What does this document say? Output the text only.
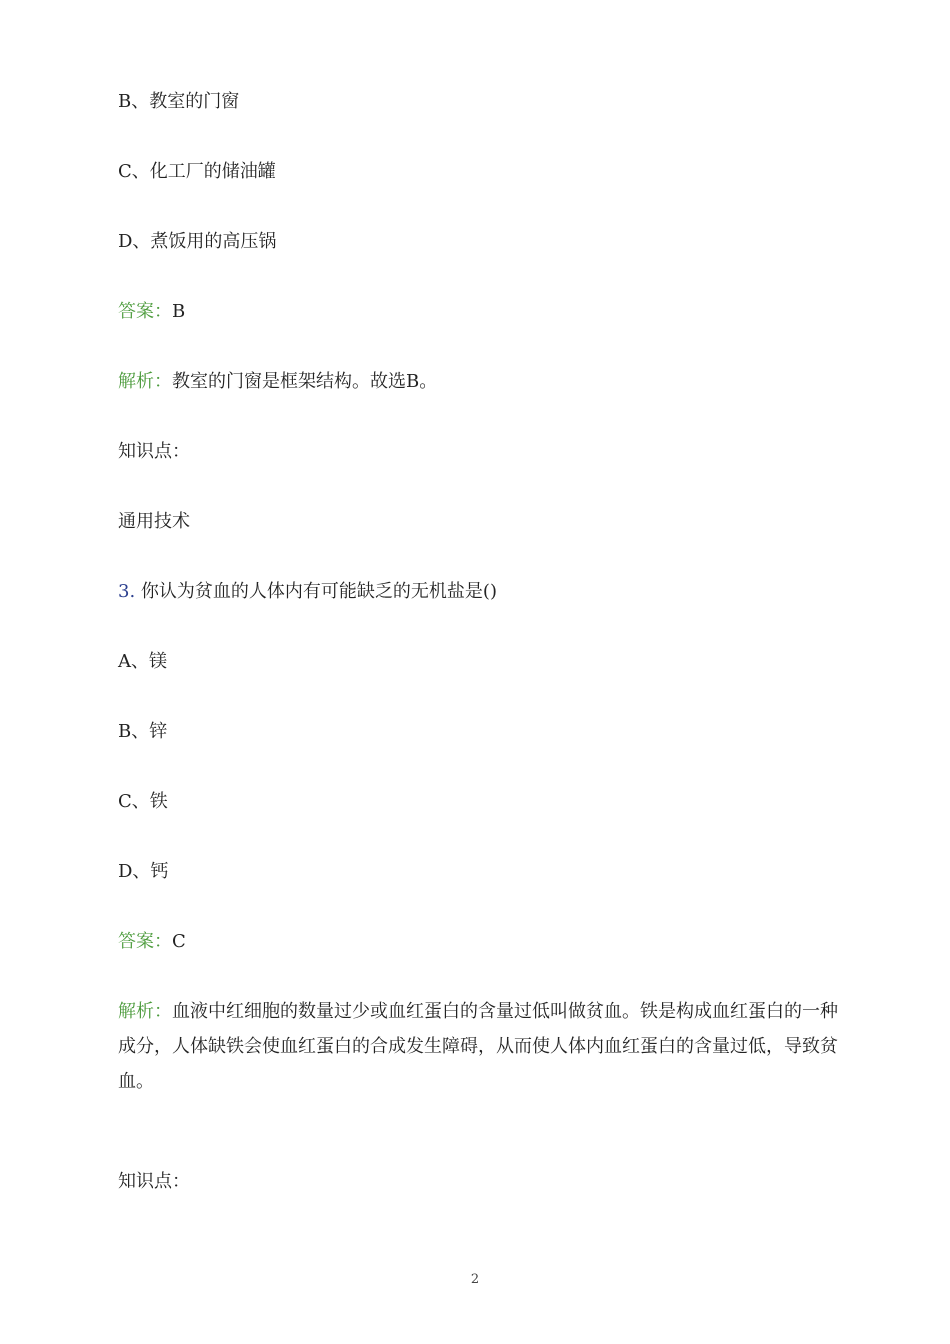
B、教室的门窗
C、化工厂的储油罐
D、煮饭用的高压锅
答案：B
解析：教室的门窗是框架结构。故选B。
知识点：
通用技术
3. 你认为贫血的人体内有可能缺乏的无机盐是()
A、镁
B、锌
C、铁
D、钙
答案：C
解析：血液中红细胞的数量过少或血红蛋白的含量过低叫做贫血。铁是构成血红蛋白的一种成分，人体缺铁会使血红蛋白的合成发生障碍，从而使人体内血红蛋白的含量过低，导致贫血。
知识点：
2
